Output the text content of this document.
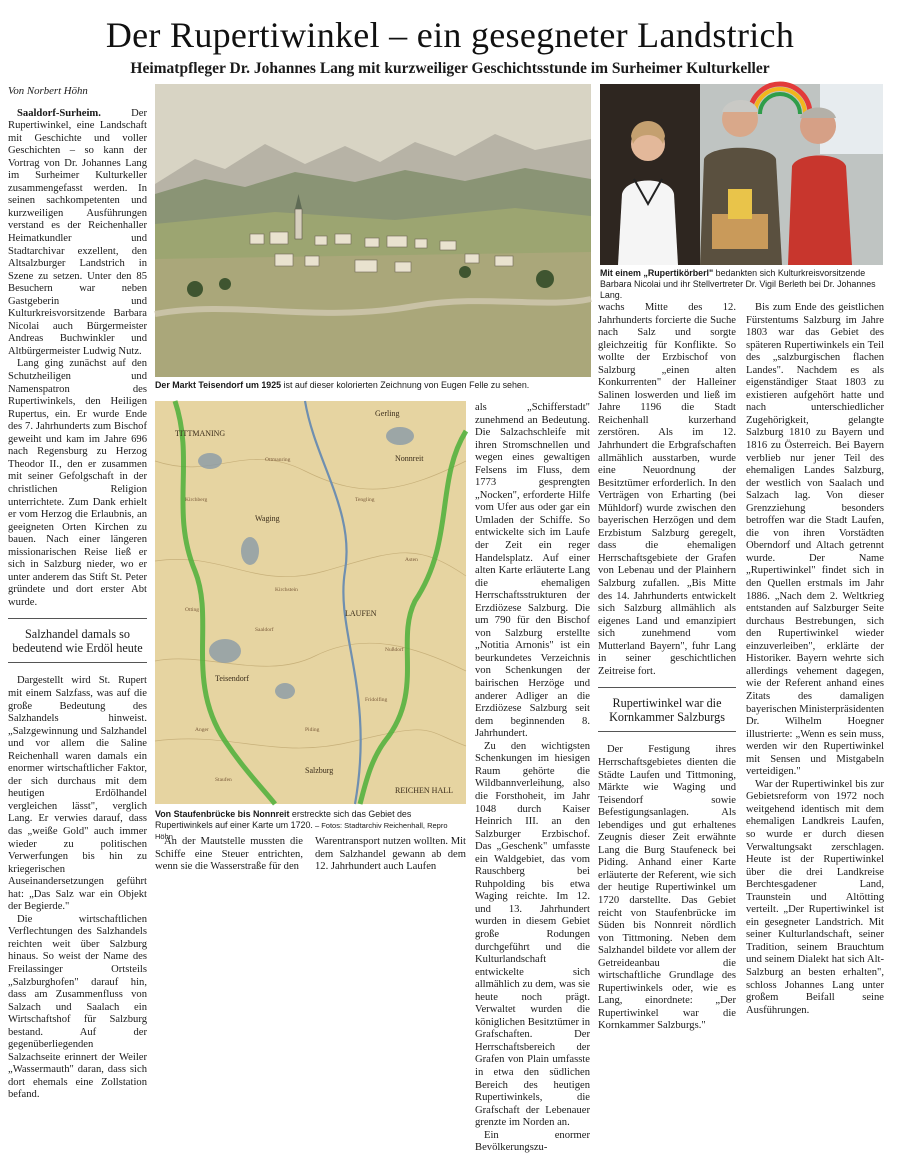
Der Rupertiwinkel – ein gesegneter Landstrich
Heimatpfleger Dr. Johannes Lang mit kurzweiliger Geschichtsstunde im Surheimer Kulturkeller

Von Norbert Höhn

Saaldorf-Surheim.	Der Rupertiwinkel, eine Landschaft mit Geschichte und voller Geschichten – so kann der Vortrag von Dr. Johannes Lang im Surheimer Kulturkeller zusammengefasst werden. In seinen sachkompetenten und kurzweiligen Ausführungen verstand es der Reichenhaller Heimatkundler und Stadtarchivar exzellent, den Altsalzburger Landstrich in Szene zu setzen. Unter den 85 Besuchern war neben Gastgeberin und Kulturkreisvorsitzende Barbara Nicolai auch Bürgermeister Andreas Buchwinkler und Altbürgermeister Ludwig Nutz.

Lang ging zunächst auf den Schutzheiligen und Namenspatron des Rupertiwinkels, den Heiligen Rupertus, ein. Er wurde Ende des 7. Jahrhunderts zum Bischof geweiht und kam im Jahre 696 nach Regensburg zu Herzog Theodor II., den er zusammen mit seiner Gefolgschaft in der christlichen Religion unterrichtete. Zum Dank erhielt er vom Herzog die Erlaubnis, an geeigneten Orten Kirchen zu bauen. Nach einer längeren missionarischen Reise ließ er sich in Salzburg nieder, wo er unter anderem das Stift St. Peter gründete und dort erster Abt wurde.

Salzhandel damals so bedeutend wie Erdöl heute

Dargestellt wird St. Rupert mit einem Salzfass, was auf die große Bedeutung des Salzhandels hinweist. „Salzgewinnung und Salzhandel und vor allem die Saline Reichenhall waren damals ein enormer wirtschaftlicher Faktor, der sich durchaus mit dem heutigen Erdölhandel vergleichen lässt", verglich Lang. Er verwies darauf, dass das „weiße Gold" auch immer wieder zu politischen Verwerfungen bis hin zu kriegerischen Auseinandersetzungen geführt hat: „Das Salz war ein Objekt der Begierde."

Die wirtschaftlichen Verflechtungen des Salzhandels reichten weit über Salzburg hinaus. So weist der Name des Freilassinger Ortsteils „Salzburghofen" darauf hin, dass am Zusammenfluss von Salzach und Saalach ein Wirtschaftshof für Salzburg bestand. Auf der gegenüberliegenden Salzachseite erinnert der Weiler „Wassermauth" daran, dass sich dort ehemals eine Zollstation befand.

Der Markt Teisendorf um 1925 ist auf dieser kolorierten Zeichnung von Eugen Felle zu sehen.
TITTMANING
Gerling
LAUFEN
Salzburg
REICHEN HALL
Teisendorf
Waging
Nonnreit
Ottmanring
Kirchberg	Tengling
Kirchstein
Otting
Nußdorf
Saaldorf
Fridolfing
Anger	Piding
Asten
Staufen
Von Staufenbrücke bis Nonnreit erstreckte sich das Gebiet des Rupertiwinkels auf einer Karte um 1720. – Fotos: Stadtarchiv Reichenhall, Repro Höhn

An der Mautstelle mussten die Schiffe eine Steuer entrichten, wenn sie die Wasserstraße für den

Warentransport nutzen wollten. Mit dem Salzhandel gewann ab dem 12. Jahrhundert auch Laufen

als „Schifferstadt" zunehmend an Bedeutung. Die Salzachschleife mit ihren Stromschnellen und wegen eines gewaltigen Felsens im Fluss, dem 1773 gesprengten „Nocken", erforderte Hilfe vom Ufer aus oder gar ein Umladen der Schiffe. So entwickelte sich im Laufe der Zeit ein reger Handelsplatz. Auf einer alten Karte erläuterte Lang die ehemaligen Herrschaftsstrukturen der Erzdiözese Salzburg. Die um 790 für den Bischof von Salzburg erstellte „Notitia Arnonis" ist ein beurkundetes Verzeichnis von Schenkungen der bairischen Herzöge und anderer Adliger an die Erzdiözese Salzburg seit dem beginnenden 8. Jahrhundert.

Zu den wichtigsten Schenkungen im hiesigen Raum gehörte die Wildbannverleihung, also die Forsthoheit, im Jahr 1048 durch Kaiser Heinrich III. an den Salzburger Erzbischof. Das „Geschenk" umfasste ein Waldgebiet, das vom Rauschberg bei Ruhpolding bis etwa Waging reichte. Im 12. und 13. Jahrhundert wurden in diesem Gebiet große Rodungen durchgeführt und die Kulturlandschaft entwickelte sich allmählich zu dem, was sie heute noch prägt. Verwaltet wurden die königlichen Besitztümer in Grafschaften. Der Herrschaftsbereich der Grafen von Plain umfasste in etwa den südlichen Bereich des heutigen Rupertiwinkels, die Grafschaft der Lebenauer grenzte im Norden an.

Ein enormer Bevölkerungszu-

Mit einem „Rupertikörberl" bedankten sich Kulturkreisvorsitzende Barbara Nicolai und ihr Stellvertreter Dr. Vigil Berleth bei Dr. Johannes Lang.

wachs Mitte des 12. Jahrhunderts forcierte die Suche nach Salz und sorgte gleichzeitig für Konflikte. So wollte der Erzbischof von Salzburg „einen alten Konkurrenten" der Halleiner Salinen loswerden und ließ im Jahre 1196 die Stadt Reichenhall kurzerhand zerstören. Als im 12. Jahrhundert die Erbgrafschaften allmählich ausstarben, wurde eine Neuordnung der Besitztümer erforderlich. In den Verträgen von Erharting (bei Mühldorf) wurde zwischen den bayerischen Herzögen und dem Erzbistum Salzburg geregelt, dass die ehemaligen Herrschaftsgebiete der Grafen von Lebenau und der Plainhern Salzburg zufallen. „Bis Mitte des 14. Jahrhunderts entwickelt sich Salzburg allmählich als eigenes Land und emanzipiert sich zunehmend vom Mutterland Bayern", fuhr Lang in seiner geschichtlichen Zeitreise fort.

Rupertiwinkel war die Kornkammer Salzburgs

Der Festigung ihres Herrschaftsgebietes dienten die Städte Laufen und Tittmoning, Märkte wie Waging und Teisendorf sowie Befestigungsanlagen. Als lebendiges und gut erhaltenes Zeugnis dieser Zeit erwähnte Lang die Burg Staufeneck bei Piding. Anhand einer Karte erläuterte der Referent, wie sich der heutige Rupertiwinkel um 1720 darstellte. Das Gebiet reicht von Staufenbrücke im Süden bis Nonnreit nördlich von Tittmoning. Neben dem Salzhandel bildete vor allem der Getreideanbau die wirtschaftliche Grundlage des Rupertiwinkels oder, wie es Lang, einordnete: „Der Rupertiwinkel war die Kornkammer Salzburgs."

Bis zum Ende des geistlichen Fürstentums Salzburg im Jahre 1803 war das Gebiet des späteren Rupertiwinkels ein Teil des „salzburgischen flachen Landes". Nachdem es als eigenständiger Staat 1803 zu existieren aufgehört hatte und nach unterschiedlicher Zugehörigkeit, gelangte Salzburg 1810 zu Bayern und 1816 zu Österreich. Bei Bayern verblieb nur jener Teil des ehemaligen Landes Salzburg, der westlich von Saalach und Salzach lag. Von dieser Grenzziehung besonders betroffen war die Stadt Laufen, die von ihren Vorstädten Oberndorf und Altach getrennt wurde. Der Name „Rupertiwinkel" findet sich in den Quellen erstmals im Jahr 1886. „Nach dem 2. Weltkrieg entstanden auf Salzburger Seite durchaus Bestrebungen, sich den Rupertiwinkel wieder einzuverleiben", erklärte der Historiker. Bayern wehrte sich allerdings vehement dagegen, wie der Referent anhand eines Zitats des damaligen bayerischen Ministerpräsidenten Dr. Wilhelm Hoegner illustrierte: „Wenn es sein muss, werden wir den Rupertiwinkel mit Sensen und Mistgabeln verteidigen."

War der Rupertiwinkel bis zur Gebietsreform von 1972 noch weitgehend identisch mit dem ehemaligen Landkreis Laufen, so wurde er durch diesen Verwaltungsakt zerschlagen. Heute ist der Rupertiwinkel über die drei Landkreise Berchtesgadener Land, Traunstein und Altötting verteilt. „Der Rupertiwinkel ist ein gesegneter Landstrich. Mit seiner Kulturlandschaft, seiner Tradition, seinem Brauchtum und seinem Dialekt hat sich Alt-Salzburg an besten erhalten", schloss Johannes Lang unter großem Beifall seine Ausführungen.
